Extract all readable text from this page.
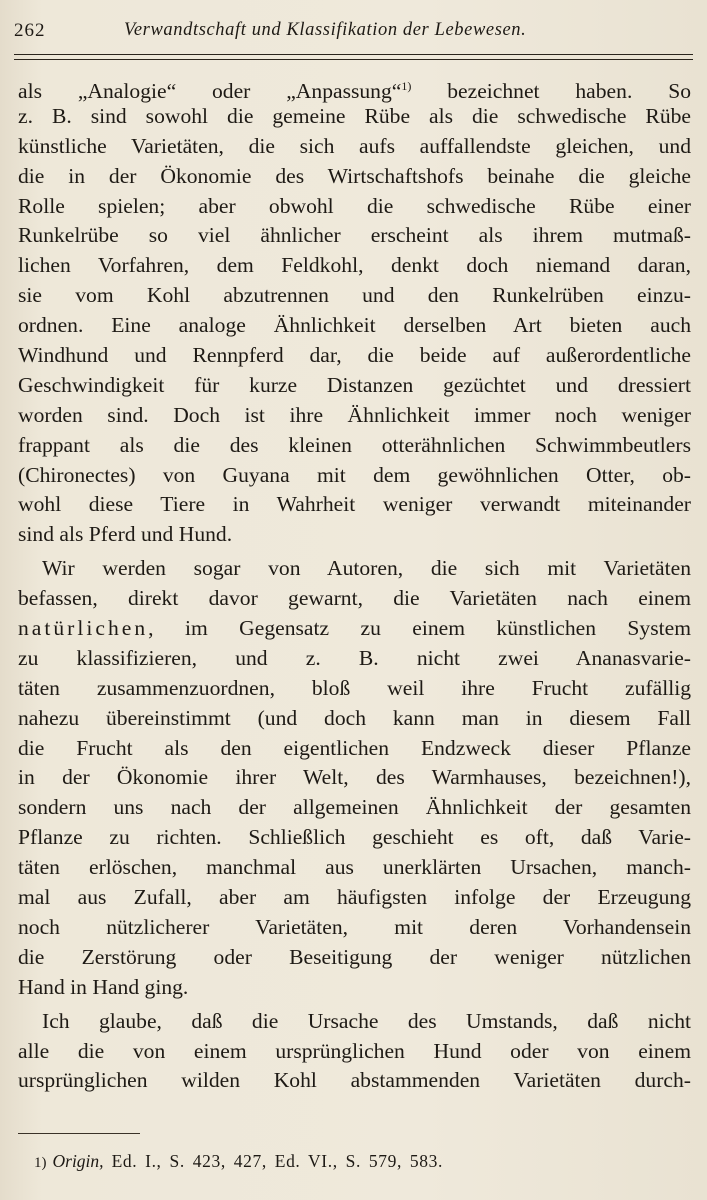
262	Verwandtschaft und Klassifikation der Lebewesen.
als „Analogie“ oder „Anpassung“$^{1)}$ bezeichnet haben. So
z. B. sind sowohl die gemeine Rübe als die schwedische Rübe
künstliche Varietäten, die sich aufs auffallendste gleichen, und
die in der Ökonomie des Wirtschaftshofs beinahe die gleiche
Rolle spielen; aber obwohl die schwedische Rübe einer
Runkelrübe so viel ähnlicher erscheint als ihrem mutmaß-
lichen Vorfahren, dem Feldkohl, denkt doch niemand daran,
sie vom Kohl abzutrennen und den Runkelrüben einzu-
ordnen. Eine analoge Ähnlichkeit derselben Art bieten auch
Windhund und Rennpferd dar, die beide auf außerordentliche
Geschwindigkeit für kurze Distanzen gezüchtet und dressiert
worden sind. Doch ist ihre Ähnlichkeit immer noch weniger
frappant als die des kleinen otterähnlichen Schwimmbeutlers
(Chironectes) von Guyana mit dem gewöhnlichen Otter, ob-
wohl diese Tiere in Wahrheit weniger verwandt miteinander
sind als Pferd und Hund.
Wir werden sogar von Autoren, die sich mit Varietäten
befassen, direkt davor gewarnt, die Varietäten nach einem
natürlichen, im Gegensatz zu einem künstlichen System
zu klassifizieren, und z. B. nicht zwei Ananasvarie-
täten zusammenzuordnen, bloß weil ihre Frucht zufällig
nahezu übereinstimmt (und doch kann man in diesem Fall
die Frucht als den eigentlichen Endzweck dieser Pflanze
in der Ökonomie ihrer Welt, des Warmhauses, bezeichnen!),
sondern uns nach der allgemeinen Ähnlichkeit der gesamten
Pflanze zu richten. Schließlich geschieht es oft, daß Varie-
täten erlöschen, manchmal aus unerklärten Ursachen, manch-
mal aus Zufall, aber am häufigsten infolge der Erzeugung
noch nützlicherer Varietäten, mit deren Vorhandensein
die Zerstörung oder Beseitigung der weniger nützlichen
Hand in Hand ging.
Ich glaube, daß die Ursache des Umstands, daß nicht
alle die von einem ursprünglichen Hund oder von einem
ursprünglichen wilden Kohl abstammenden Varietäten durch-
1) Origin, Ed. I., S. 423, 427, Ed. VI., S. 579, 583.
